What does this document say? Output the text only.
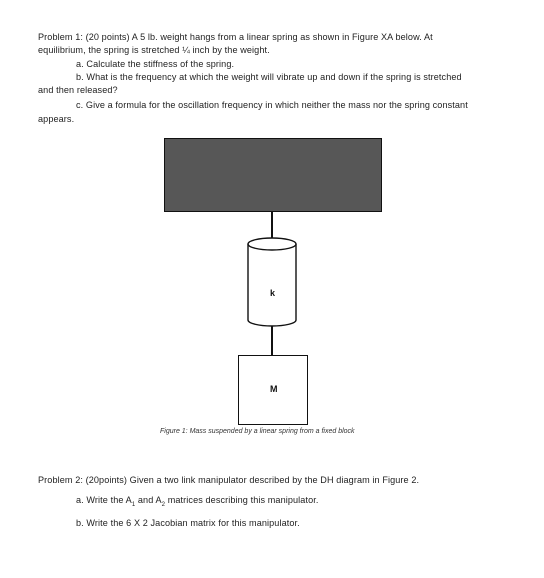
Problem 1: (20 points) A 5 lb. weight hangs from a linear spring as shown in Figure XA below. At
equilibrium, the spring is stretched ¼ inch by the weight.
a. Calculate the stiffness of the spring.
b. What is the frequency at which the weight will vibrate up and down if the spring is stretched
and then released?
c. Give a formula for the oscillation frequency in which neither the mass nor the spring constant
appears.
k
M
Figure 1: Mass suspended by a linear spring from a fixed block
Problem 2: (20points) Given a two link manipulator described by the DH diagram in Figure 2.
a. Write the $A_1$ and $A_2$ matrices describing this manipulator.
b. Write the 6 X 2 Jacobian matrix for this manipulator.
